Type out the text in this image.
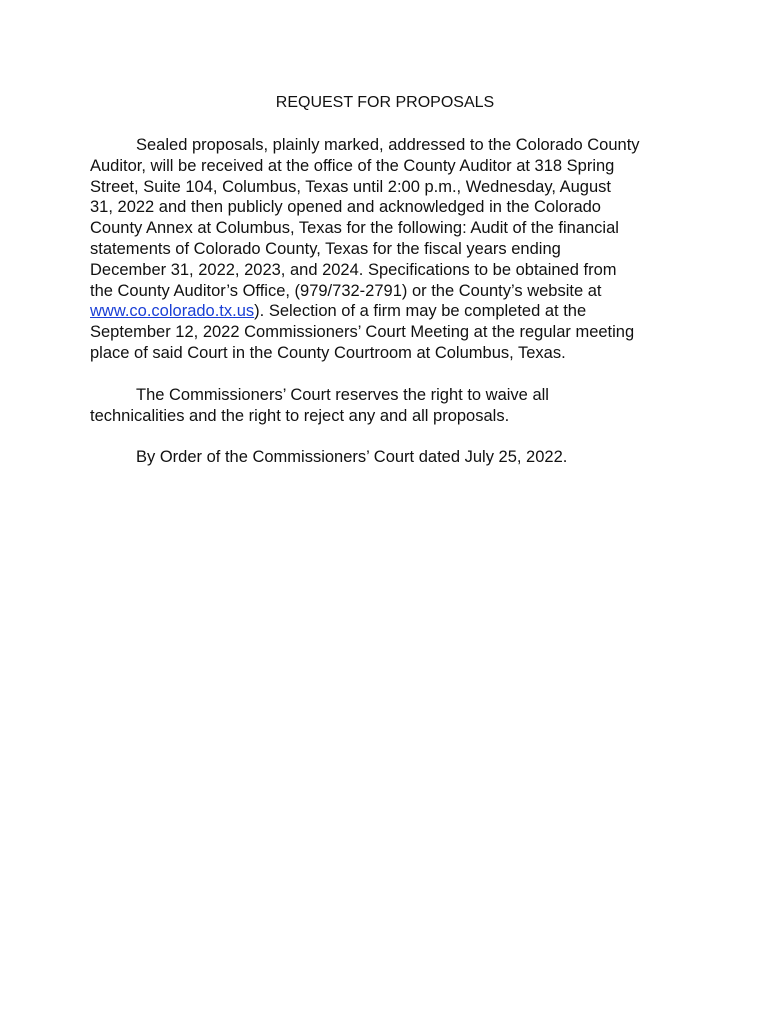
REQUEST FOR PROPOSALS
Sealed proposals, plainly marked, addressed to the Colorado County
Auditor, will be received at the office of the County Auditor at 318 Spring
Street, Suite 104, Columbus, Texas until 2:00 p.m., Wednesday, August
31, 2022 and then publicly opened and acknowledged in the Colorado
County Annex at Columbus, Texas for the following: Audit of the financial
statements of Colorado County, Texas for the fiscal years ending
December 31, 2022, 2023, and 2024. Specifications to be obtained from
the County Auditor’s Office, (979/732-2791) or the County’s website at
www.co.colorado.tx.us). Selection of a firm may be completed at the
September 12, 2022 Commissioners’ Court Meeting at the regular meeting
place of said Court in the County Courtroom at Columbus, Texas.
The Commissioners’ Court reserves the right to waive all
technicalities and the right to reject any and all proposals.
By Order of the Commissioners’ Court dated July 25, 2022.
